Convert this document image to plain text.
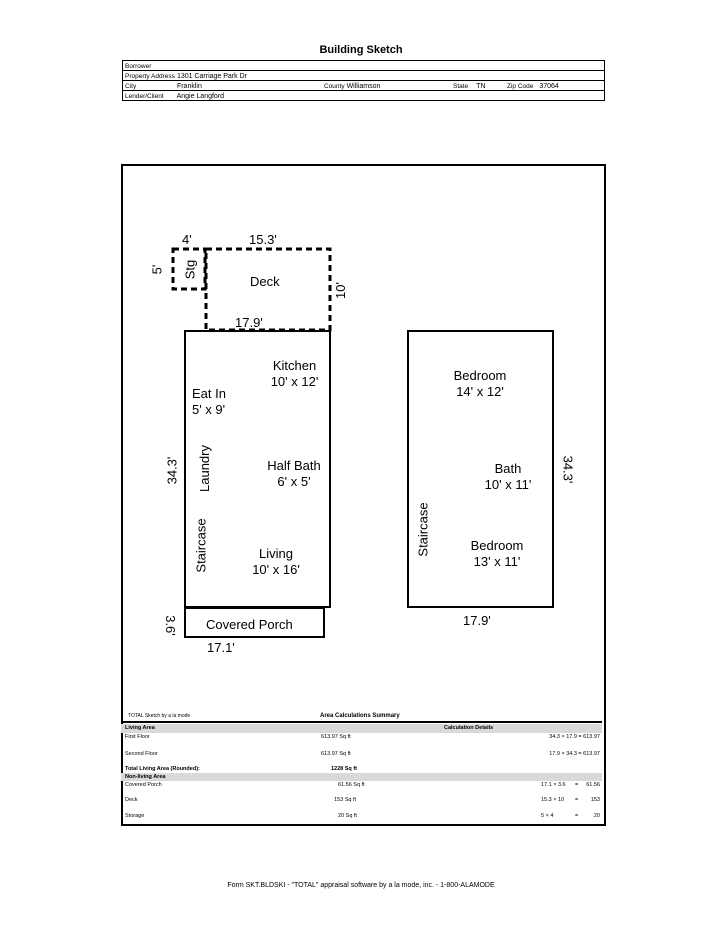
Building Sketch
Borrower
Property Address 1301 Carriage Park Dr
City	Franklin	County Williamson	State TN	Zip Code 37064
Lender/Client Angie Langford
4'
5' Stg
15.3'
10'
Deck
17.9'
Kitchen
10' x 12'
Eat In
5' x 9'
34.3' Laundry	Half Bath
6' x 5'
Staircase	Living
10' x 16'
3.6' Covered Porch
17.1'
Bedroom
14' x 12'
34.3'
Bath
10' x 11'
Staircase	Bedroom
13' x 11'
17.9'
TOTAL Sketch by a la mode	Area Calculations Summary
Living Area	Calculation Details
First Floor	613.97 Sq ft	34.3 × 17.9 = 613.97
Second Floor	613.97 Sq ft	17.9 × 34.3 = 613.97
Total Living Area (Rounded):	1228 Sq ft
Non-living Area
Covered Porch	61.56 Sq ft	17.1 × 3.6 = 61.56
Deck	153 Sq ft	15.3 × 10 = 153
Storage	20 Sq ft	5 × 4	=	20
Form SKT.BLDSKI - "TOTAL" appraisal software by a la mode, inc. - 1-800-ALAMODE
